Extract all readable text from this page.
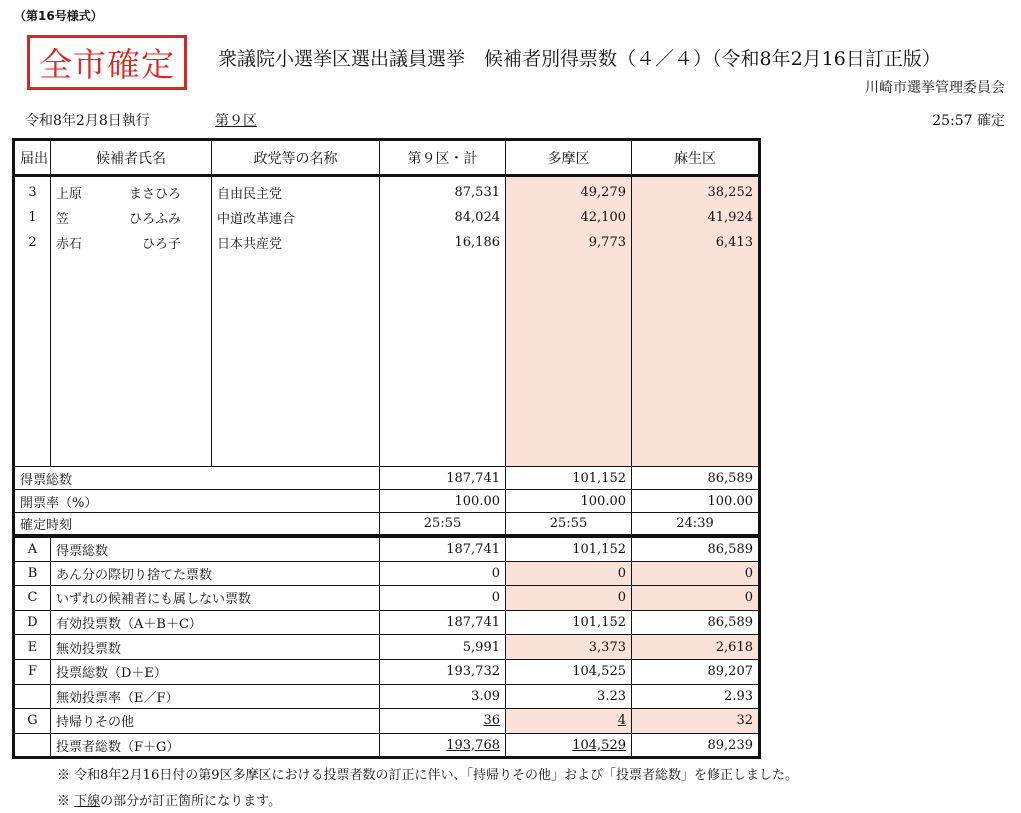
（第16号様式）
全市確定	衆議院小選挙区選出議員選挙　候補者別得票数（４／４）（令和8年2月16日訂正版）
川崎市選挙管理委員会
令和8年2月8日執行	第９区	25:57 確定
届出	候補者氏名	政党等の名称	第９区・計	多摩区	麻生区
3	上原 まさひろ	自由民主党	87,531	49,279	38,252
1	笠 ひろふみ	中道改革連合	84,024	42,100	41,924
2	赤石 ひろ子	日本共産党	16,186	9,773	6,413

得票総数			187,741	101,152	86,589
開票率（%）			100.00	100.00	100.00
確定時刻			25:55	25:55	24:39
A	得票総数	187,741	101,152	86,589
B	あん分の際切り捨てた票数	0	0	0
C	いずれの候補者にも属しない票数	0	0	0
D	有効投票数（A＋B＋C）	187,741	101,152	86,589
E	無効投票数	5,991	3,373	2,618
F	投票総数（D＋E）	193,732	104,525	89,207
	無効投票率（E／F）	3.09	3.23	2.93
G	持帰りその他	36	4	32
	投票者総数（F＋G）	193,768	104,529	89,239
※ 令和8年2月16日付の第9区多摩区における投票者数の訂正に伴い、「持帰りその他」および「投票者総数」を修正しました。
※ 下線の部分が訂正箇所になります。
